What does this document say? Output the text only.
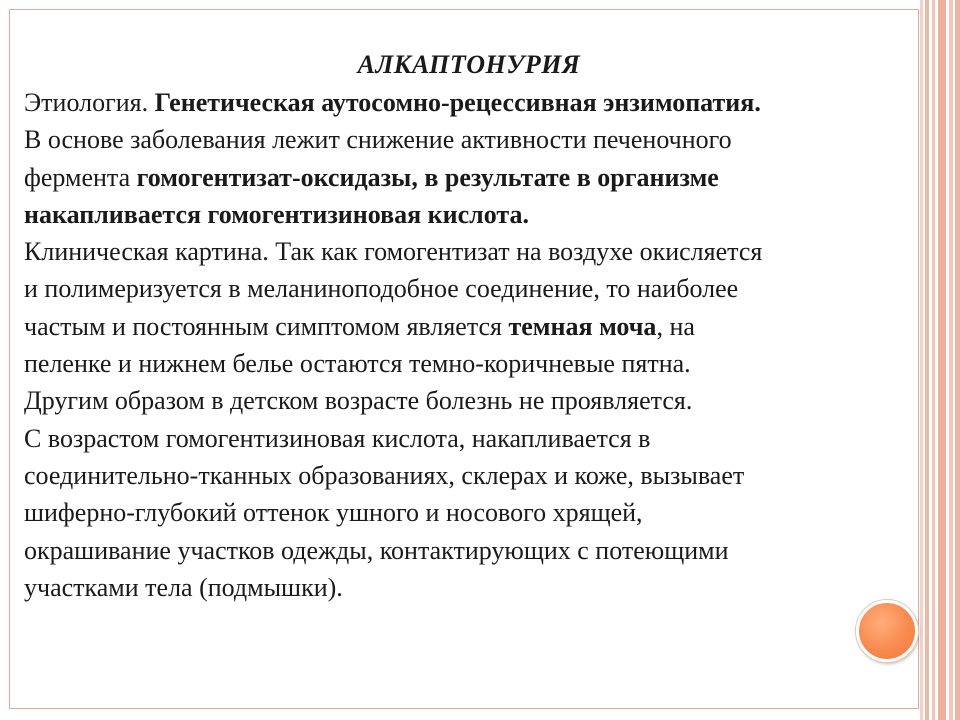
АЛКАПТОНУРИЯ
Этиология. Генетическая аутосомно-рецессивная энзимопатия.
В основе заболевания лежит снижение активности печеночного
фермента гомогентизат-оксидазы, в результате в организме
накапливается гомогентизиновая кислота.
Клиническая картина. Так как гомогентизат на воздухе окисляется
и полимеризуется в меланиноподобное соединение, то наиболее
частым и постоянным симптомом является темная моча, на
пеленке и нижнем белье остаются темно-коричневые пятна.
Другим образом в детском возрасте болезнь не проявляется.
С возрастом гомогентизиновая кислота, накапливается в
соединительно-тканных образованиях, склерах и коже, вызывает
шиферно-глубокий оттенок ушного и носового хрящей,
окрашивание участков одежды, контактирующих с потеющими
участками тела (подмышки).
